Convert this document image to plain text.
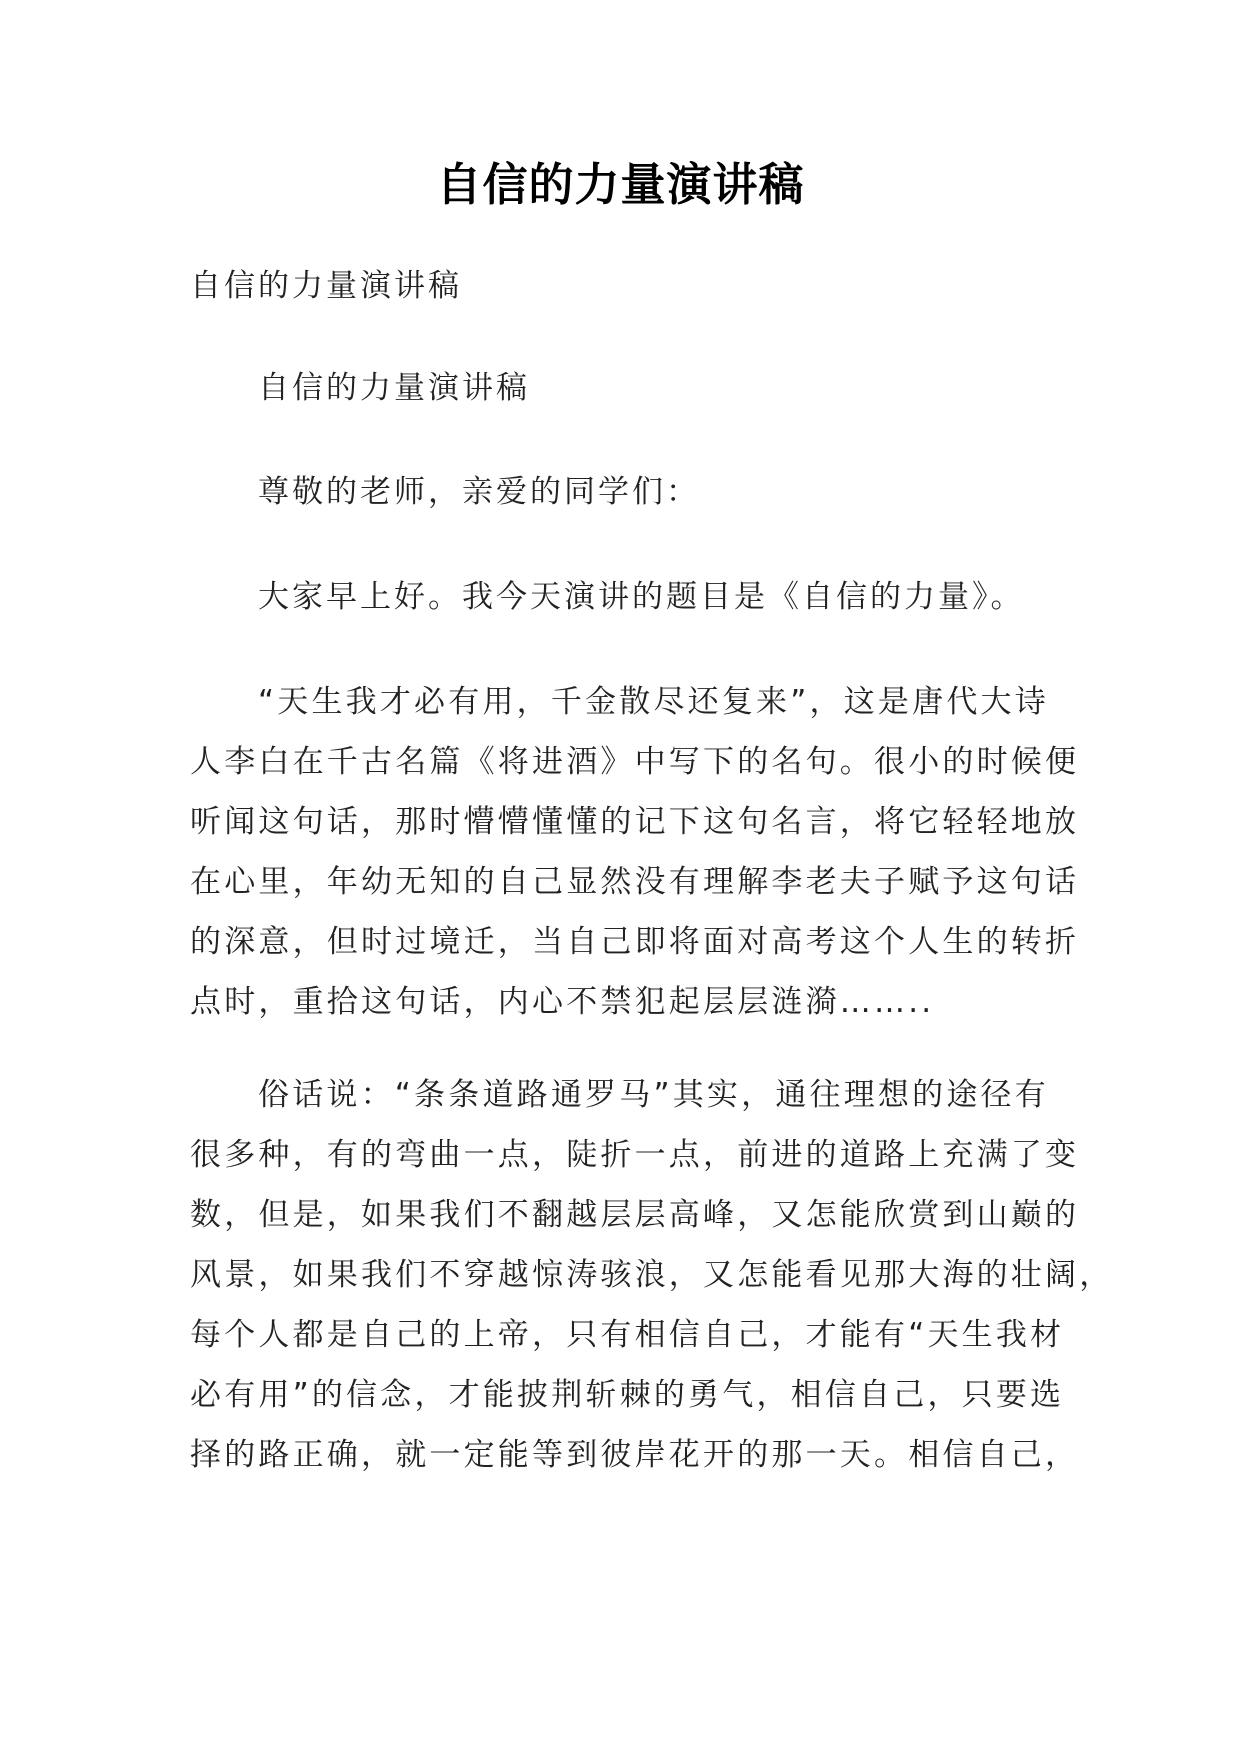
自信的力量演讲稿
自信的力量演讲稿
自信的力量演讲稿
尊敬的老师，亲爱的同学们：
大家早上好。我今天演讲的题目是《自信的力量》。
“天生我才必有用，千金散尽还复来”，这是唐代大诗
人李白在千古名篇《将进酒》中写下的名句。很小的时候便
听闻这句话，那时懵懵懂懂的记下这句名言，将它轻轻地放
在心里，年幼无知的自己显然没有理解李老夫子赋予这句话
的深意，但时过境迁，当自己即将面对高考这个人生的转折
点时，重拾这句话，内心不禁犯起层层涟漪……..
俗话说：“条条道路通罗马”其实，通往理想的途径有
很多种，有的弯曲一点，陡折一点，前进的道路上充满了变
数，但是，如果我们不翻越层层高峰，又怎能欣赏到山巅的
风景，如果我们不穿越惊涛骇浪，又怎能看见那大海的壮阔，
每个人都是自己的上帝，只有相信自己，才能有“天生我材
必有用”的信念，才能披荆斩棘的勇气，相信自己，只要选
择的路正确，就一定能等到彼岸花开的那一天。相信自己，
